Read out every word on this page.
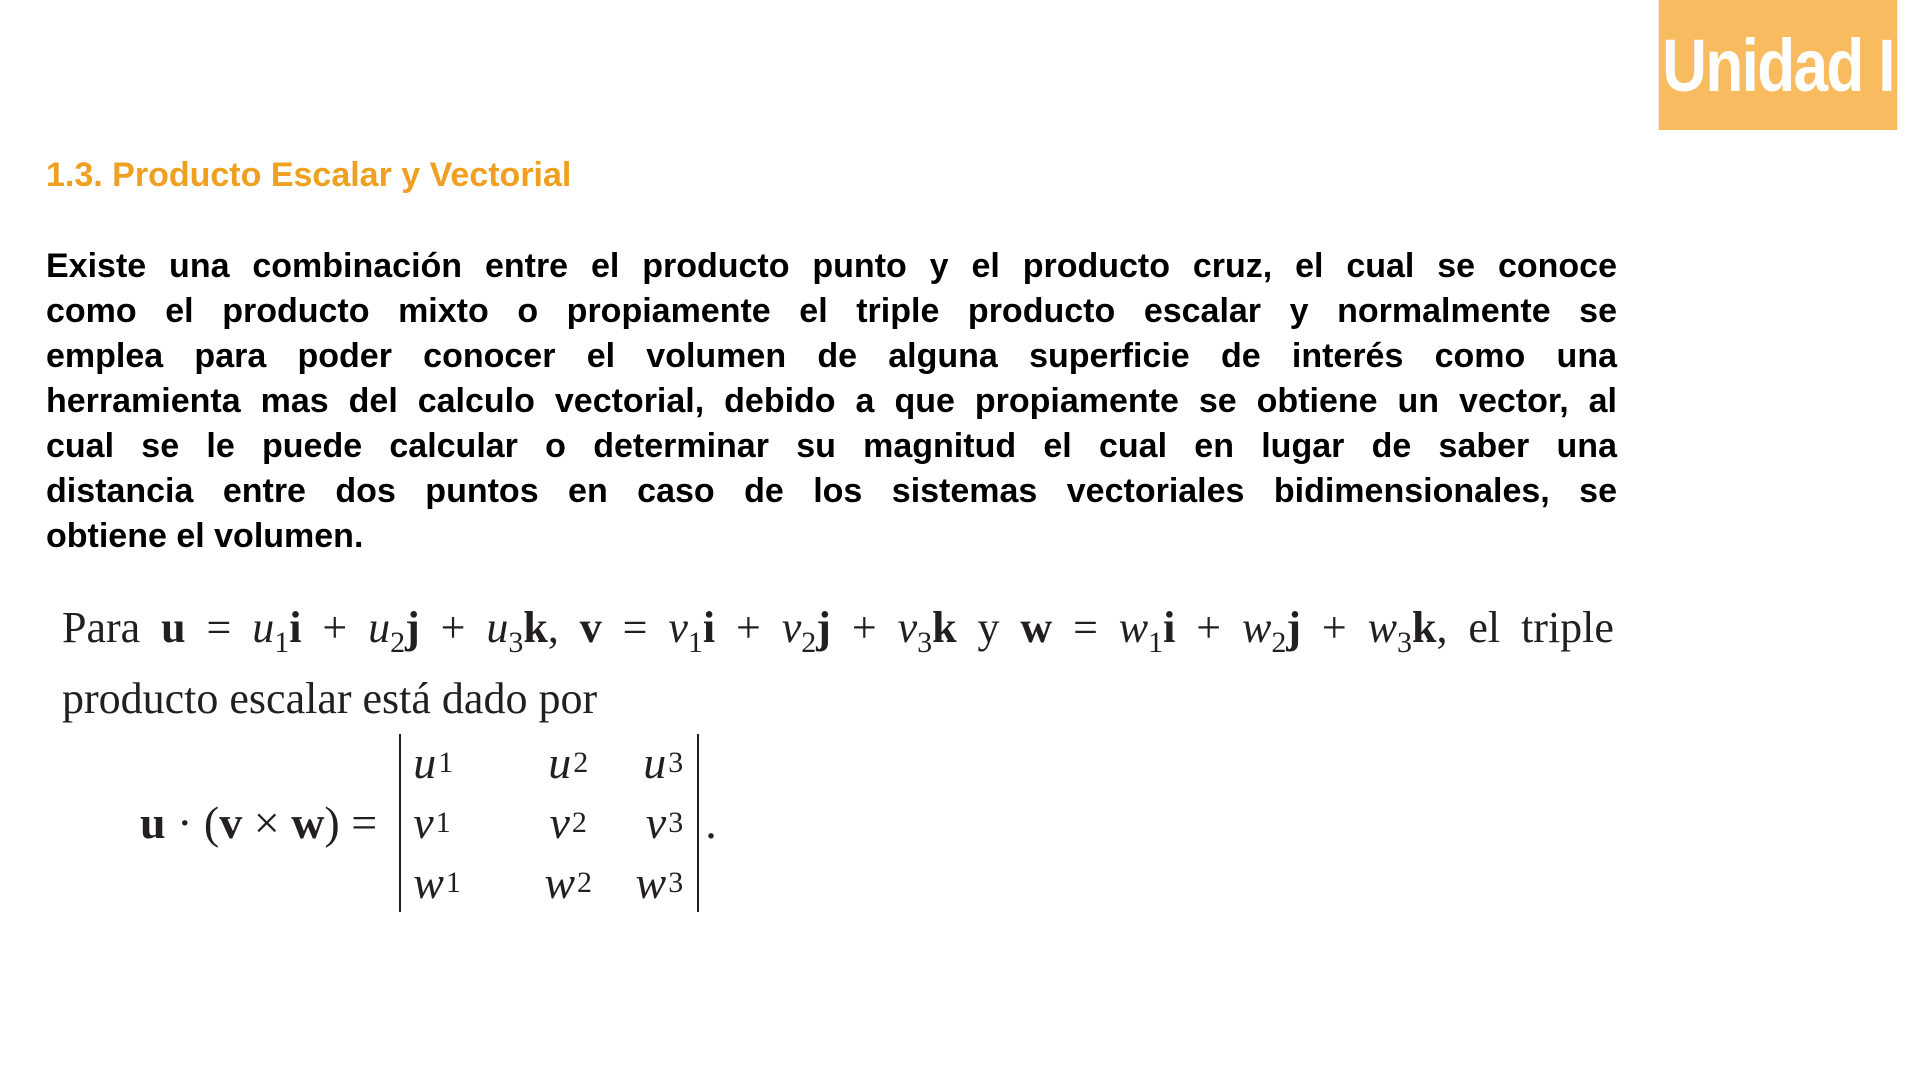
Unidad I
1.3. Producto Escalar y Vectorial
Existe una combinación entre el producto punto y el producto cruz, el cual se conoce
como el producto mixto o propiamente el triple producto escalar y normalmente se
emplea para poder conocer el volumen de alguna superficie de interés como una
herramienta mas del calculo vectorial, debido a que propiamente se obtiene un vector, al
cual se le puede calcular o determinar su magnitud el cual en lugar de saber una
distancia entre dos puntos en caso de los sistemas vectoriales bidimensionales, se
obtiene el volumen.
Para $u = u_1i + u_2j + u_3k$, $v = v_1i + v_2j + v_3k$ y $w = w_1i + w_2j + w_3k$, el triple
producto escalar está dado por
u · (v × w) =
u 1 u 2 u 3
v 1 v 2 v 3
w 1 w 2 w 3
.
